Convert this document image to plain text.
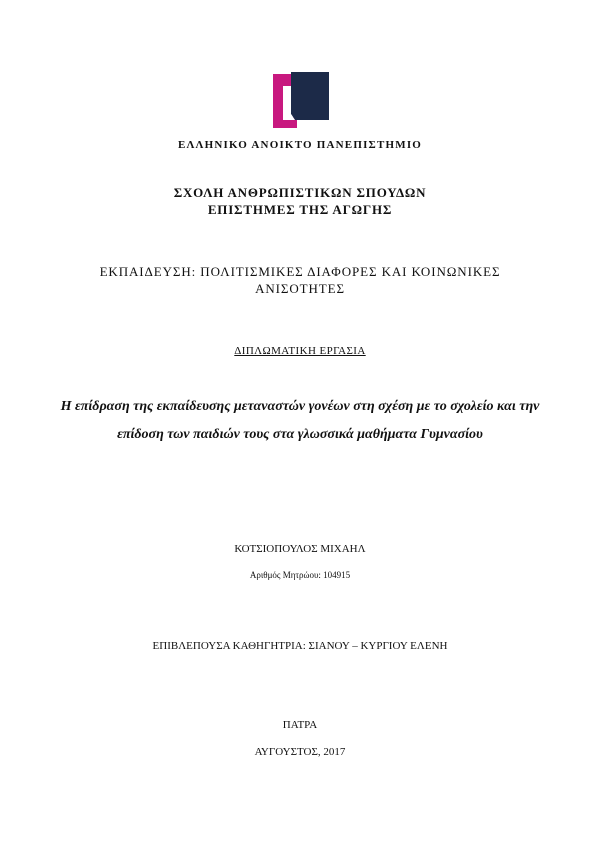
ΕΛΛΗΝΙΚΟ ΑΝΟΙΚΤΟ ΠΑΝΕΠΙΣΤΗΜΙΟ

ΣΧΟΛΗ ΑΝΘΡΩΠΙΣΤΙΚΩΝ ΣΠΟΥΔΩΝ
ΕΠΙΣΤΗΜΕΣ ΤΗΣ ΑΓΩΓΗΣ

ΕΚΠΑΙΔΕΥΣΗ: ΠΟΛΙΤΙΣΜΙΚΕΣ ΔΙΑΦΟΡΕΣ ΚΑΙ ΚΟΙΝΩΝΙΚΕΣ ΑΝΙΣΟΤΗΤΕΣ

ΔΙΠΛΩΜΑΤΙΚΗ ΕΡΓΑΣΙΑ

Η επίδραση της εκπαίδευσης μεταναστών γονέων στη σχέση με το σχολείο και την επίδοση των παιδιών τους στα γλωσσικά μαθήματα Γυμνασίου

ΚΟΤΣΙΟΠΟΥΛΟΣ ΜΙΧΑΗΛ

Αριθμός Μητρώου: 104915

ΕΠΙΒΛΕΠΟΥΣΑ ΚΑΘΗΓΗΤΡΙΑ: ΣΙΑΝΟΥ – ΚΥΡΓΙΟΥ ΕΛΕΝΗ

ΠΑΤΡΑ

ΑΥΓΟΥΣΤΟΣ, 2017
